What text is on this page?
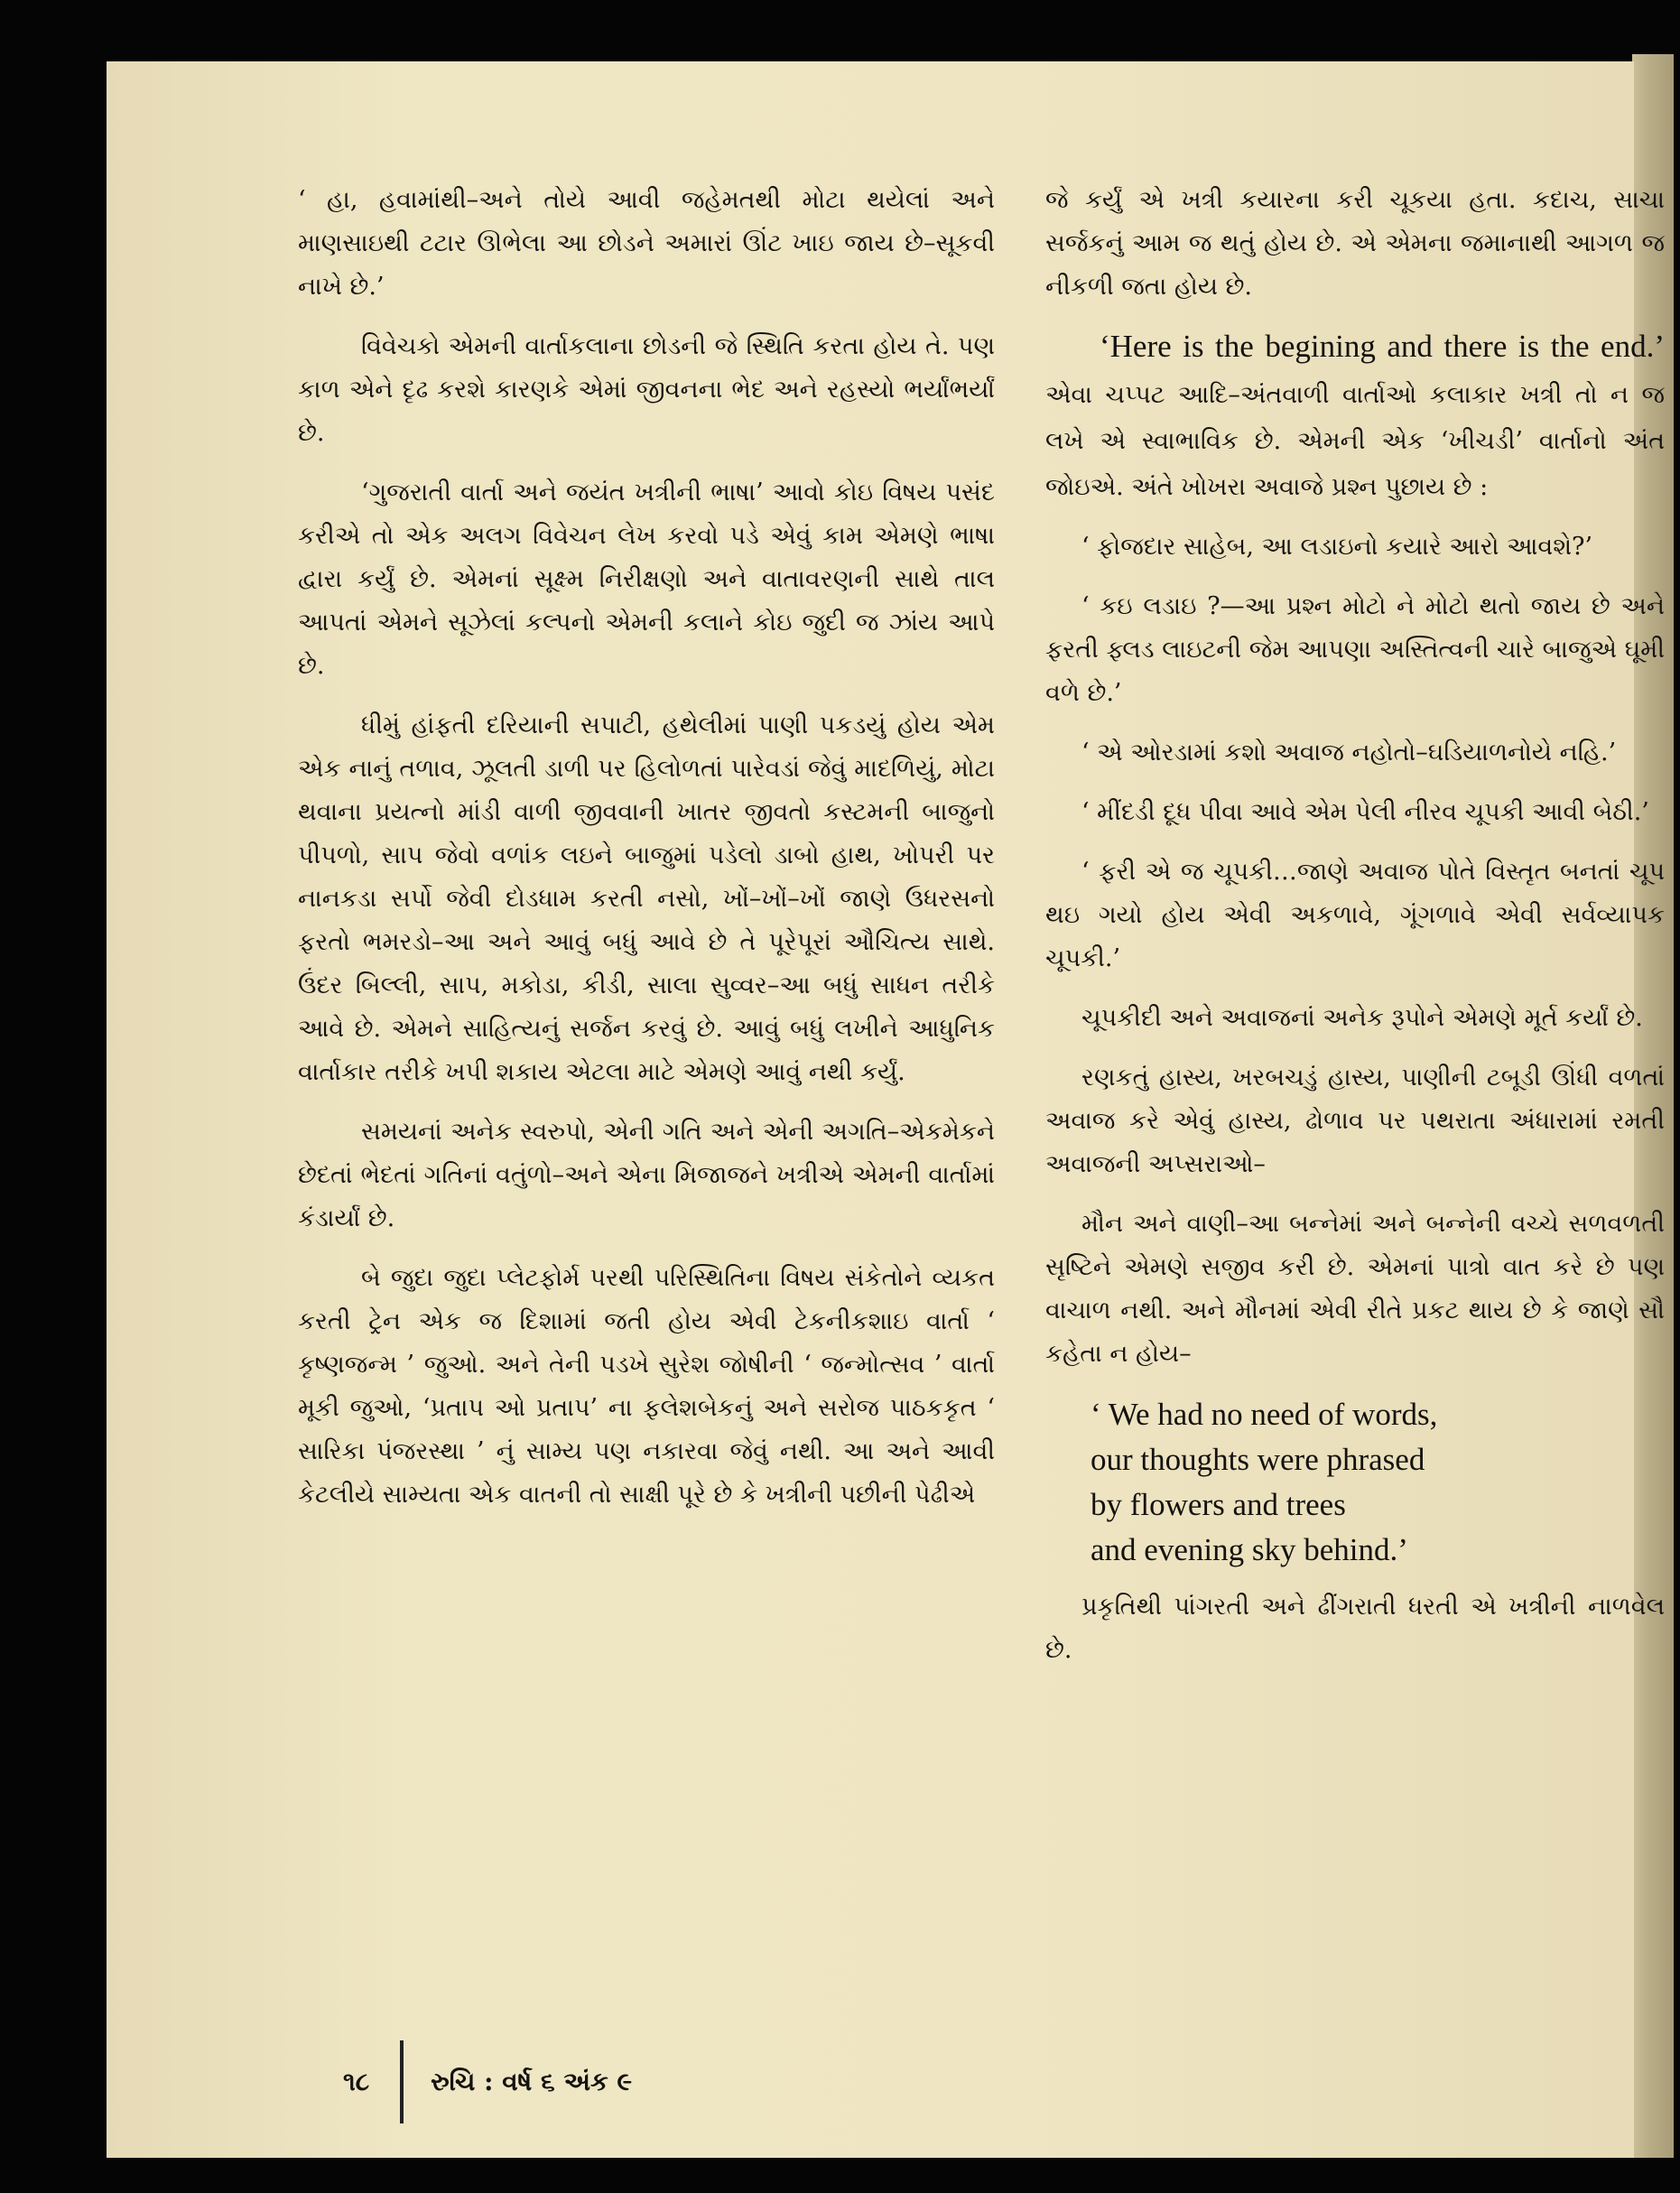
‘ હા, હવામાંથી–અને તોયે આવી જહેમતથી મોટા થયેલાં અને માણસાઇથી ટટાર ઊભેલા આ છોડને અમારાં ઊંટ ખાઇ જાય છે–સૂકવી નાખે છે.’

વિવેચકો એમની વાર્તાકલાના છોડની જે સ્થિતિ કરતા હોય તે. પણ કાળ એને દૃઢ કરશે કારણકે એમાં જીવનના ભેદ અને રહસ્યો ભર્યાંભર્યાં છે.

‘ગુજરાતી વાર્તા અને જયંત ખત્રીની ભાષા’ આવો કોઇ વિષય પસંદ કરીએ તો એક અલગ વિવેચન લેખ કરવો પડે એવું કામ એમણે ભાષા દ્વારા કર્યું છે. એમનાં સૂક્ષ્મ નિરીક્ષણો અને વાતાવરણની સાથે તાલ આપતાં એમને સૂઝેલાં કલ્પનો એમની કલાને કોઇ જુદી જ ઝાંય આપે છે.

ધીમું હાંફતી દરિયાની સપાટી, હથેલીમાં પાણી પકડયું હોય એમ એક નાનું તળાવ, ઝૂલતી ડાળી પર હિલોળતાં પારેવડાં જેવું માદળિયું, મોટા થવાના પ્રયત્નો માંડી વાળી જીવવાની ખાતર જીવતો કસ્ટમની બાજુનો પીપળો, સાપ જેવો વળાંક લઇને બાજુમાં પડેલો ડાબો હાથ, ખોપરી પર નાનકડા સર્પો જેવી દોડધામ કરતી નસો, ખોં–ખોં–ખોં જાણે ઉધરસનો ફરતો ભમરડો–આ અને આવું બધું આવે છે તે પૂરેપૂરાં ઔચિત્ય સાથે. ઉંદર બિલ્લી, સાપ, મકોડા, કીડી, સાલા સુવ્વર–આ બધું સાધન તરીકે આવે છે. એમને સાહિત્યનું સર્જન કરવું છે. આવું બધું લખીને આધુનિક વાર્તાકાર તરીકે ખપી શકાય એટલા માટે એમણે આવું નથી કર્યું.

સમયનાં અનેક સ્વરુપો, એની ગતિ અને એની અગતિ–એકમેકને છેદતાં ભેદતાં ગતિનાં વતુંળો–અને એના મિજાજને ખત્રીએ એમની વાર્તામાં કંડાર્યાં છે.

બે જુદા જુદા પ્લેટફોર્મ પરથી પરિસ્થિતિના વિષય સંકેતોને વ્યકત કરતી ટ્રેન એક જ દિશામાં જતી હોય એવી ટેકનીકશાઇ વાર્તા ‘ કૃષ્ણજન્મ ’ જુઓ. અને તેની પડખે સુરેશ જોષીની ‘ જન્મોત્સવ ’ વાર્તા મૂકી જુઓ, ‘પ્રતાપ ઓ પ્રતાપ’ ના ફલેશબેકનું અને સરોજ પાઠકકૃત ‘ સારિકા પંજરસ્થા ’ નું સામ્ય પણ નકારવા જેવું નથી. આ અને આવી કેટલીયે સામ્યતા એક વાતની તો સાક્ષી પૂરે છે કે ખત્રીની પછીની પેઢીએ

જે કર્યું એ ખત્રી કયારના કરી ચૂકયા હતા. કદાચ, સાચા સર્જકનું આમ જ થતું હોય છે. એ એમના જમાનાથી આગળ જ નીકળી જતા હોય છે.

‘Here is the begining and there is the end.’ એવા ચપ્પટ આદિ–અંતવાળી વાર્તાઓ કલાકાર ખત્રી તો ન જ લખે એ સ્વાભાવિક છે. એમની એક ‘ખીચડી’ વાર્તાનો અંત જોઇએ. અંતે ખોખરા અવાજે પ્રશ્ન પુછાય છે :

‘ ફોજદાર સાહેબ, આ લડાઇનો કયારે આરો આવશે?’

‘ કઇ લડાઇ ?—આ પ્રશ્ન મોટો ને મોટો થતો જાય છે અને ફરતી ફ્લડ લાઇટની જેમ આપણા અસ્તિત્વની ચારે બાજુએ ઘૂમી વળે છે.’

‘ એ ઓરડામાં કશો અવાજ નહોતો–ઘડિયાળનોયે નહિ.’

‘ મીંદડી દૂધ પીવા આવે એમ પેલી નીરવ ચૂપકી આવી બેઠી.’

‘ ફરી એ જ ચૂપકી…જાણે અવાજ પોતે વિસ્તૃત બનતાં ચૂપ થઇ ગયો હોય એવી અકળાવે, ગૂંગળાવે એવી સર્વવ્યાપક ચૂપકી.’

ચૂપકીદી અને અવાજનાં અનેક રૂપોને એમણે મૂર્ત કર્યાં છે.

રણકતું હાસ્ય, ખરબચડું હાસ્ય, પાણીની ટબૂડી ઊંધી વળતાં અવાજ કરે એવું હાસ્ય, ઢોળાવ પર પથરાતા અંધારામાં રમતી અવાજની અપ્સરાઓ–

મૌન અને વાણી–આ બન્નેમાં અને બન્નેની વચ્ચે સળવળતી સૃષ્ટિને એમણે સજીવ કરી છે. એમનાં પાત્રો વાત કરે છે પણ વાચાળ નથી. અને મૌનમાં એવી રીતે પ્રકટ થાય છે કે જાણે સૌ કહેતા ન હોય–

‘ We had no need of words,
our thoughts were phrased
by flowers and trees
and evening sky behind.’

પ્રકૃતિથી પાંગરતી અને ઢીંગરાતી ધરતી એ ખત્રીની નાળવેલ છે.

૧૮ રુચિ : વર્ષ ૬ અંક ૯
